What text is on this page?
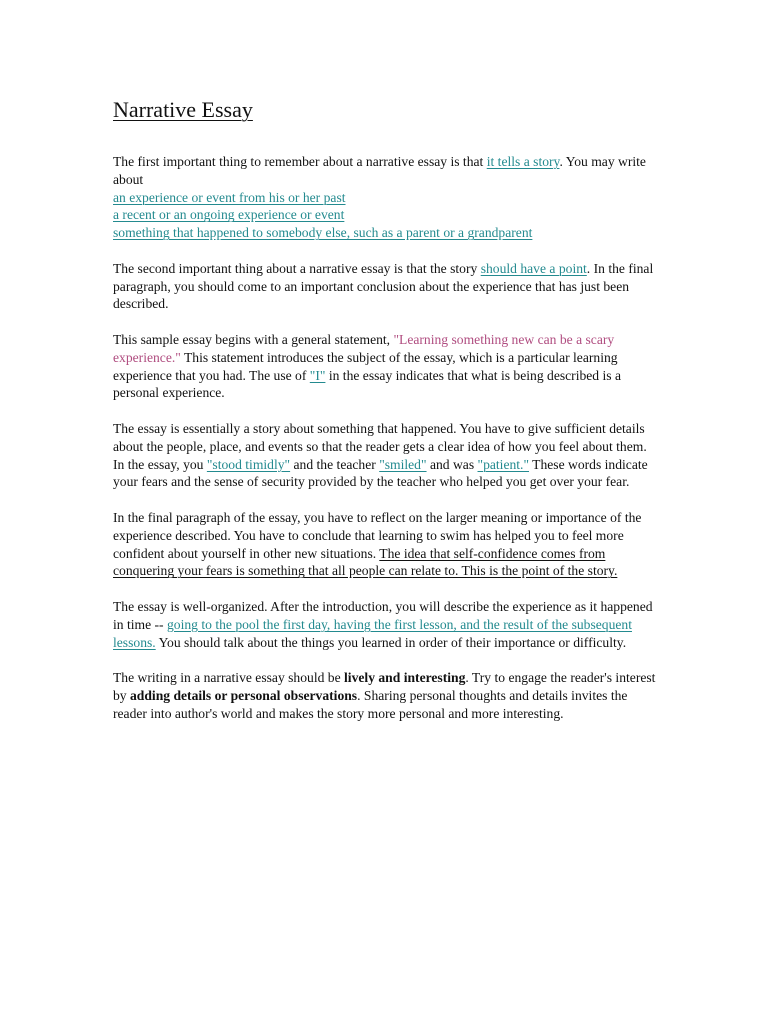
Narrative Essay

The first important thing to remember about a narrative essay is that it tells a story. You may write about

an experience or event from his or her past
a recent or an ongoing experience or event
something that happened to somebody else, such as a parent or a grandparent

The second important thing about a narrative essay is that the story should have a point. In the final paragraph, you should come to an important conclusion about the experience that has just been described.

This sample essay begins with a general statement, "Learning something new can be a scary experience." This statement introduces the subject of the essay, which is a particular learning experience that you had. The use of "I" in the essay indicates that what is being described is a personal experience.

The essay is essentially a story about something that happened. You have to give sufficient details about the people, place, and events so that the reader gets a clear idea of how you feel about them. In the essay, you "stood timidly" and the teacher "smiled" and was "patient." These words indicate your fears and the sense of security provided by the teacher who helped you get over your fear.

In the final paragraph of the essay, you have to reflect on the larger meaning or importance of the experience described. You have to conclude that learning to swim has helped you to feel more confident about yourself in other new situations. The idea that self-confidence comes from conquering your fears is something that all people can relate to. This is the point of the story.

The essay is well-organized. After the introduction, you will describe the experience as it happened in time -- going to the pool the first day, having the first lesson, and the result of the subsequent lessons. You should talk about the things you learned in order of their importance or difficulty.

The writing in a narrative essay should be lively and interesting. Try to engage the reader's interest by adding details or personal observations. Sharing personal thoughts and details invites the reader into author's world and makes the story more personal and more interesting.
